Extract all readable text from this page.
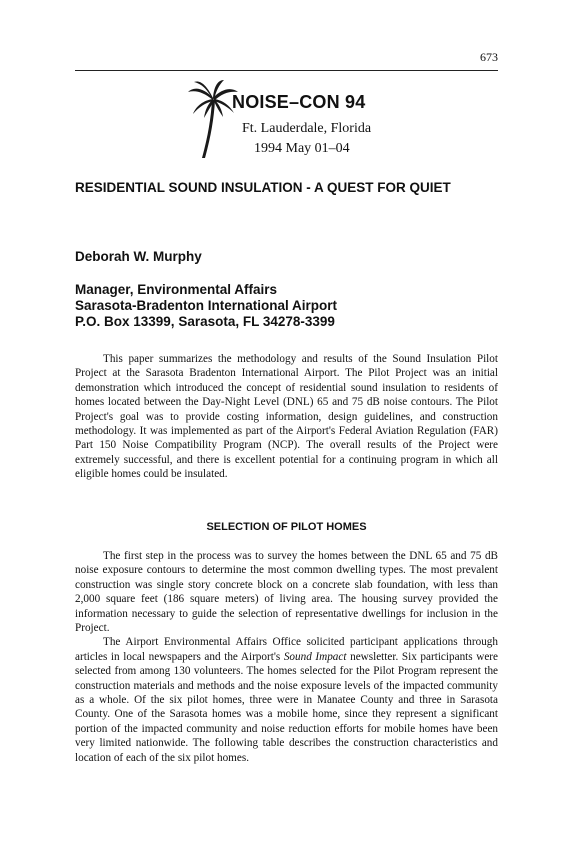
673
NOISE–CON 94
Ft. Lauderdale, Florida
1994 May 01–04
RESIDENTIAL SOUND INSULATION - A QUEST FOR QUIET
Deborah W. Murphy
Manager, Environmental Affairs
Sarasota-Bradenton International Airport
P.O. Box 13399, Sarasota, FL 34278-3399

This paper summarizes the methodology and results of the Sound Insulation Pilot Project at the Sarasota Bradenton International Airport. The Pilot Project was an initial demonstration which introduced the concept of residential sound insulation to residents of homes located between the Day-Night Level (DNL) 65 and 75 dB noise contours. The Pilot Project's goal was to provide costing information, design guidelines, and construction methodology. It was implemented as part of the Airport's Federal Aviation Regulation (FAR) Part 150 Noise Compatibility Program (NCP). The overall results of the Project were extremely successful, and there is excellent potential for a continuing program in which all eligible homes could be insulated.

SELECTION OF PILOT HOMES

The first step in the process was to survey the homes between the DNL 65 and 75 dB noise exposure contours to determine the most common dwelling types. The most prevalent construction was single story concrete block on a concrete slab foundation, with less than 2,000 square feet (186 square meters) of living area. The housing survey provided the information necessary to guide the selection of representative dwellings for inclusion in the Project.

The Airport Environmental Affairs Office solicited participant applications through articles in local newspapers and the Airport's Sound Impact newsletter. Six participants were selected from among 130 volunteers. The homes selected for the Pilot Program represent the construction materials and methods and the noise exposure levels of the impacted community as a whole. Of the six pilot homes, three were in Manatee County and three in Sarasota County. One of the Sarasota homes was a mobile home, since they represent a significant portion of the impacted community and noise reduction efforts for mobile homes have been very limited nationwide. The following table describes the construction characteristics and location of each of the six pilot homes.
